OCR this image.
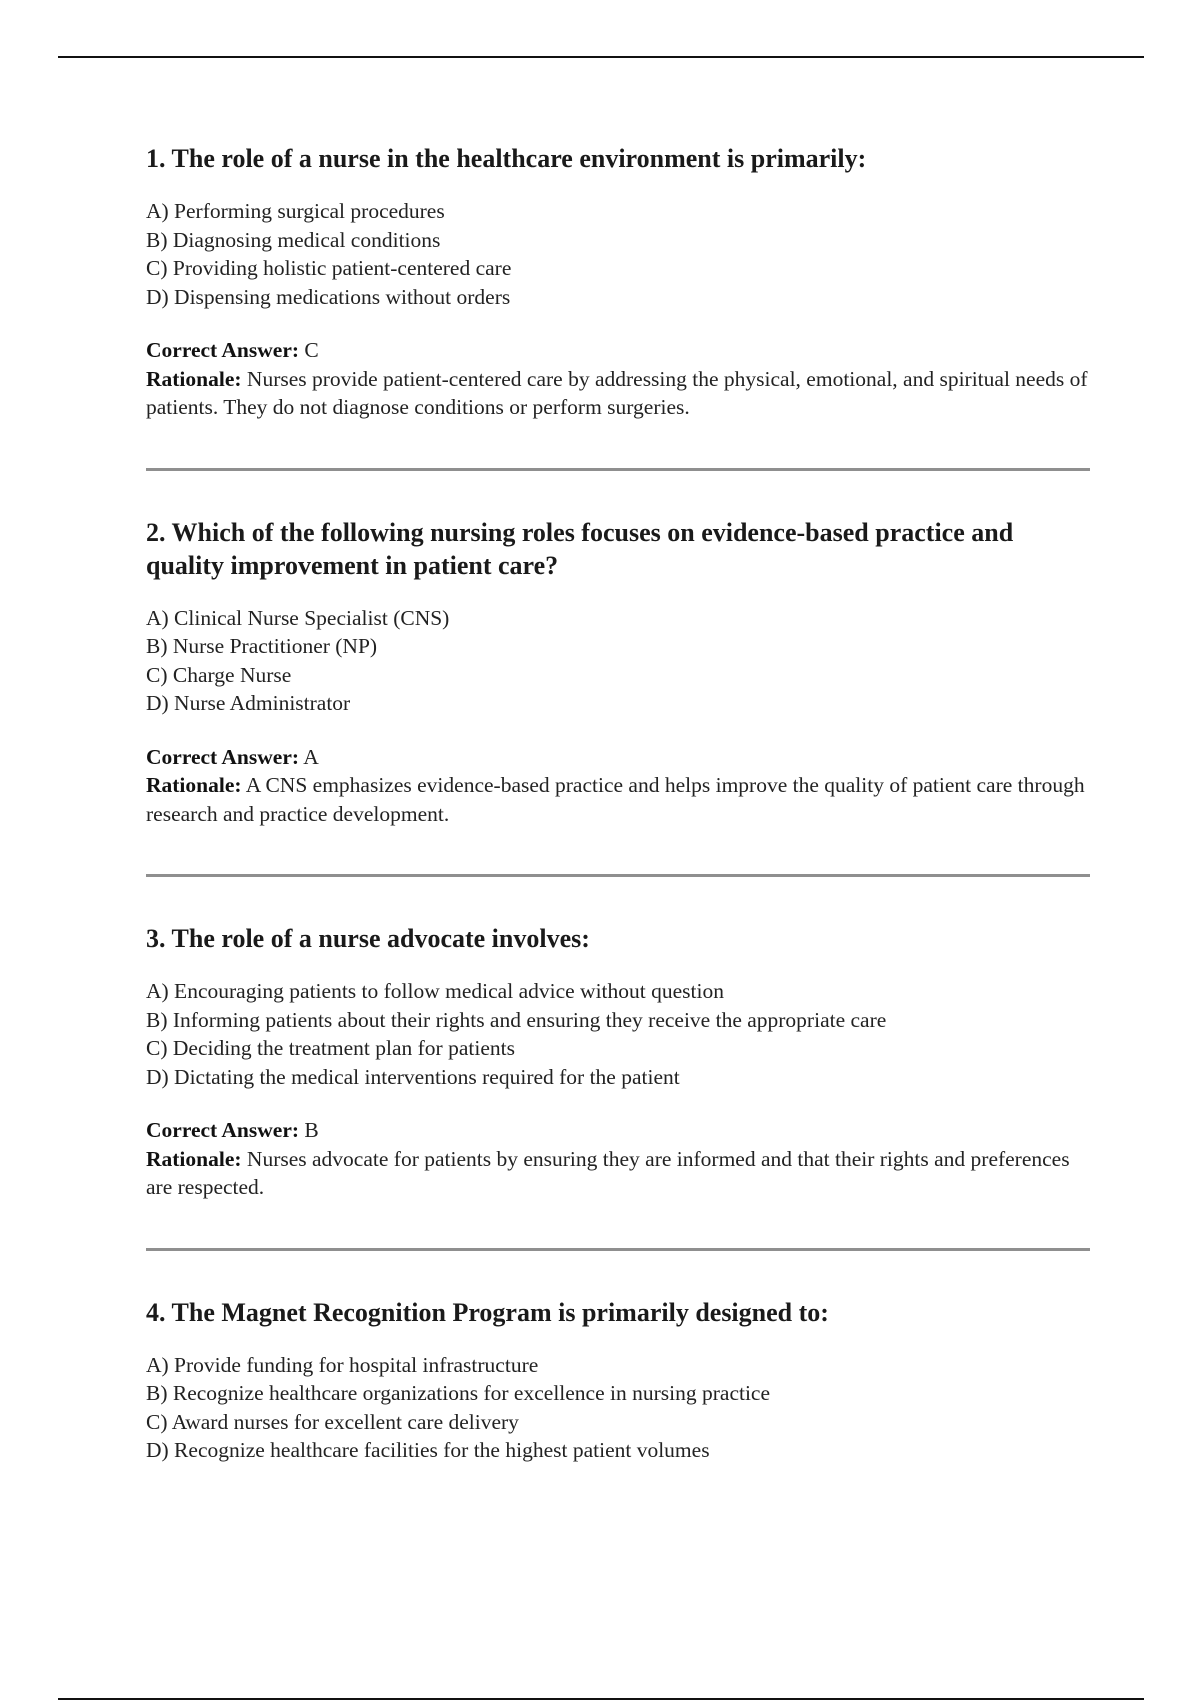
1. The role of a nurse in the healthcare environment is primarily:
A) Performing surgical procedures
B) Diagnosing medical conditions
C) Providing holistic patient-centered care
D) Dispensing medications without orders

Correct Answer: C

Rationale: Nurses provide patient-centered care by addressing the physical, emotional, and spiritual needs of patients. They do not diagnose conditions or perform surgeries.

2. Which of the following nursing roles focuses on evidence-based practice and quality improvement in patient care?
A) Clinical Nurse Specialist (CNS)
B) Nurse Practitioner (NP)
C) Charge Nurse
D) Nurse Administrator

Correct Answer: A

Rationale: A CNS emphasizes evidence-based practice and helps improve the quality of patient care through research and practice development.

3. The role of a nurse advocate involves:
A) Encouraging patients to follow medical advice without question
B) Informing patients about their rights and ensuring they receive the appropriate care
C) Deciding the treatment plan for patients
D) Dictating the medical interventions required for the patient

Correct Answer: B

Rationale: Nurses advocate for patients by ensuring they are informed and that their rights and preferences are respected.

4. The Magnet Recognition Program is primarily designed to:
A) Provide funding for hospital infrastructure
B) Recognize healthcare organizations for excellence in nursing practice
C) Award nurses for excellent care delivery
D) Recognize healthcare facilities for the highest patient volumes
